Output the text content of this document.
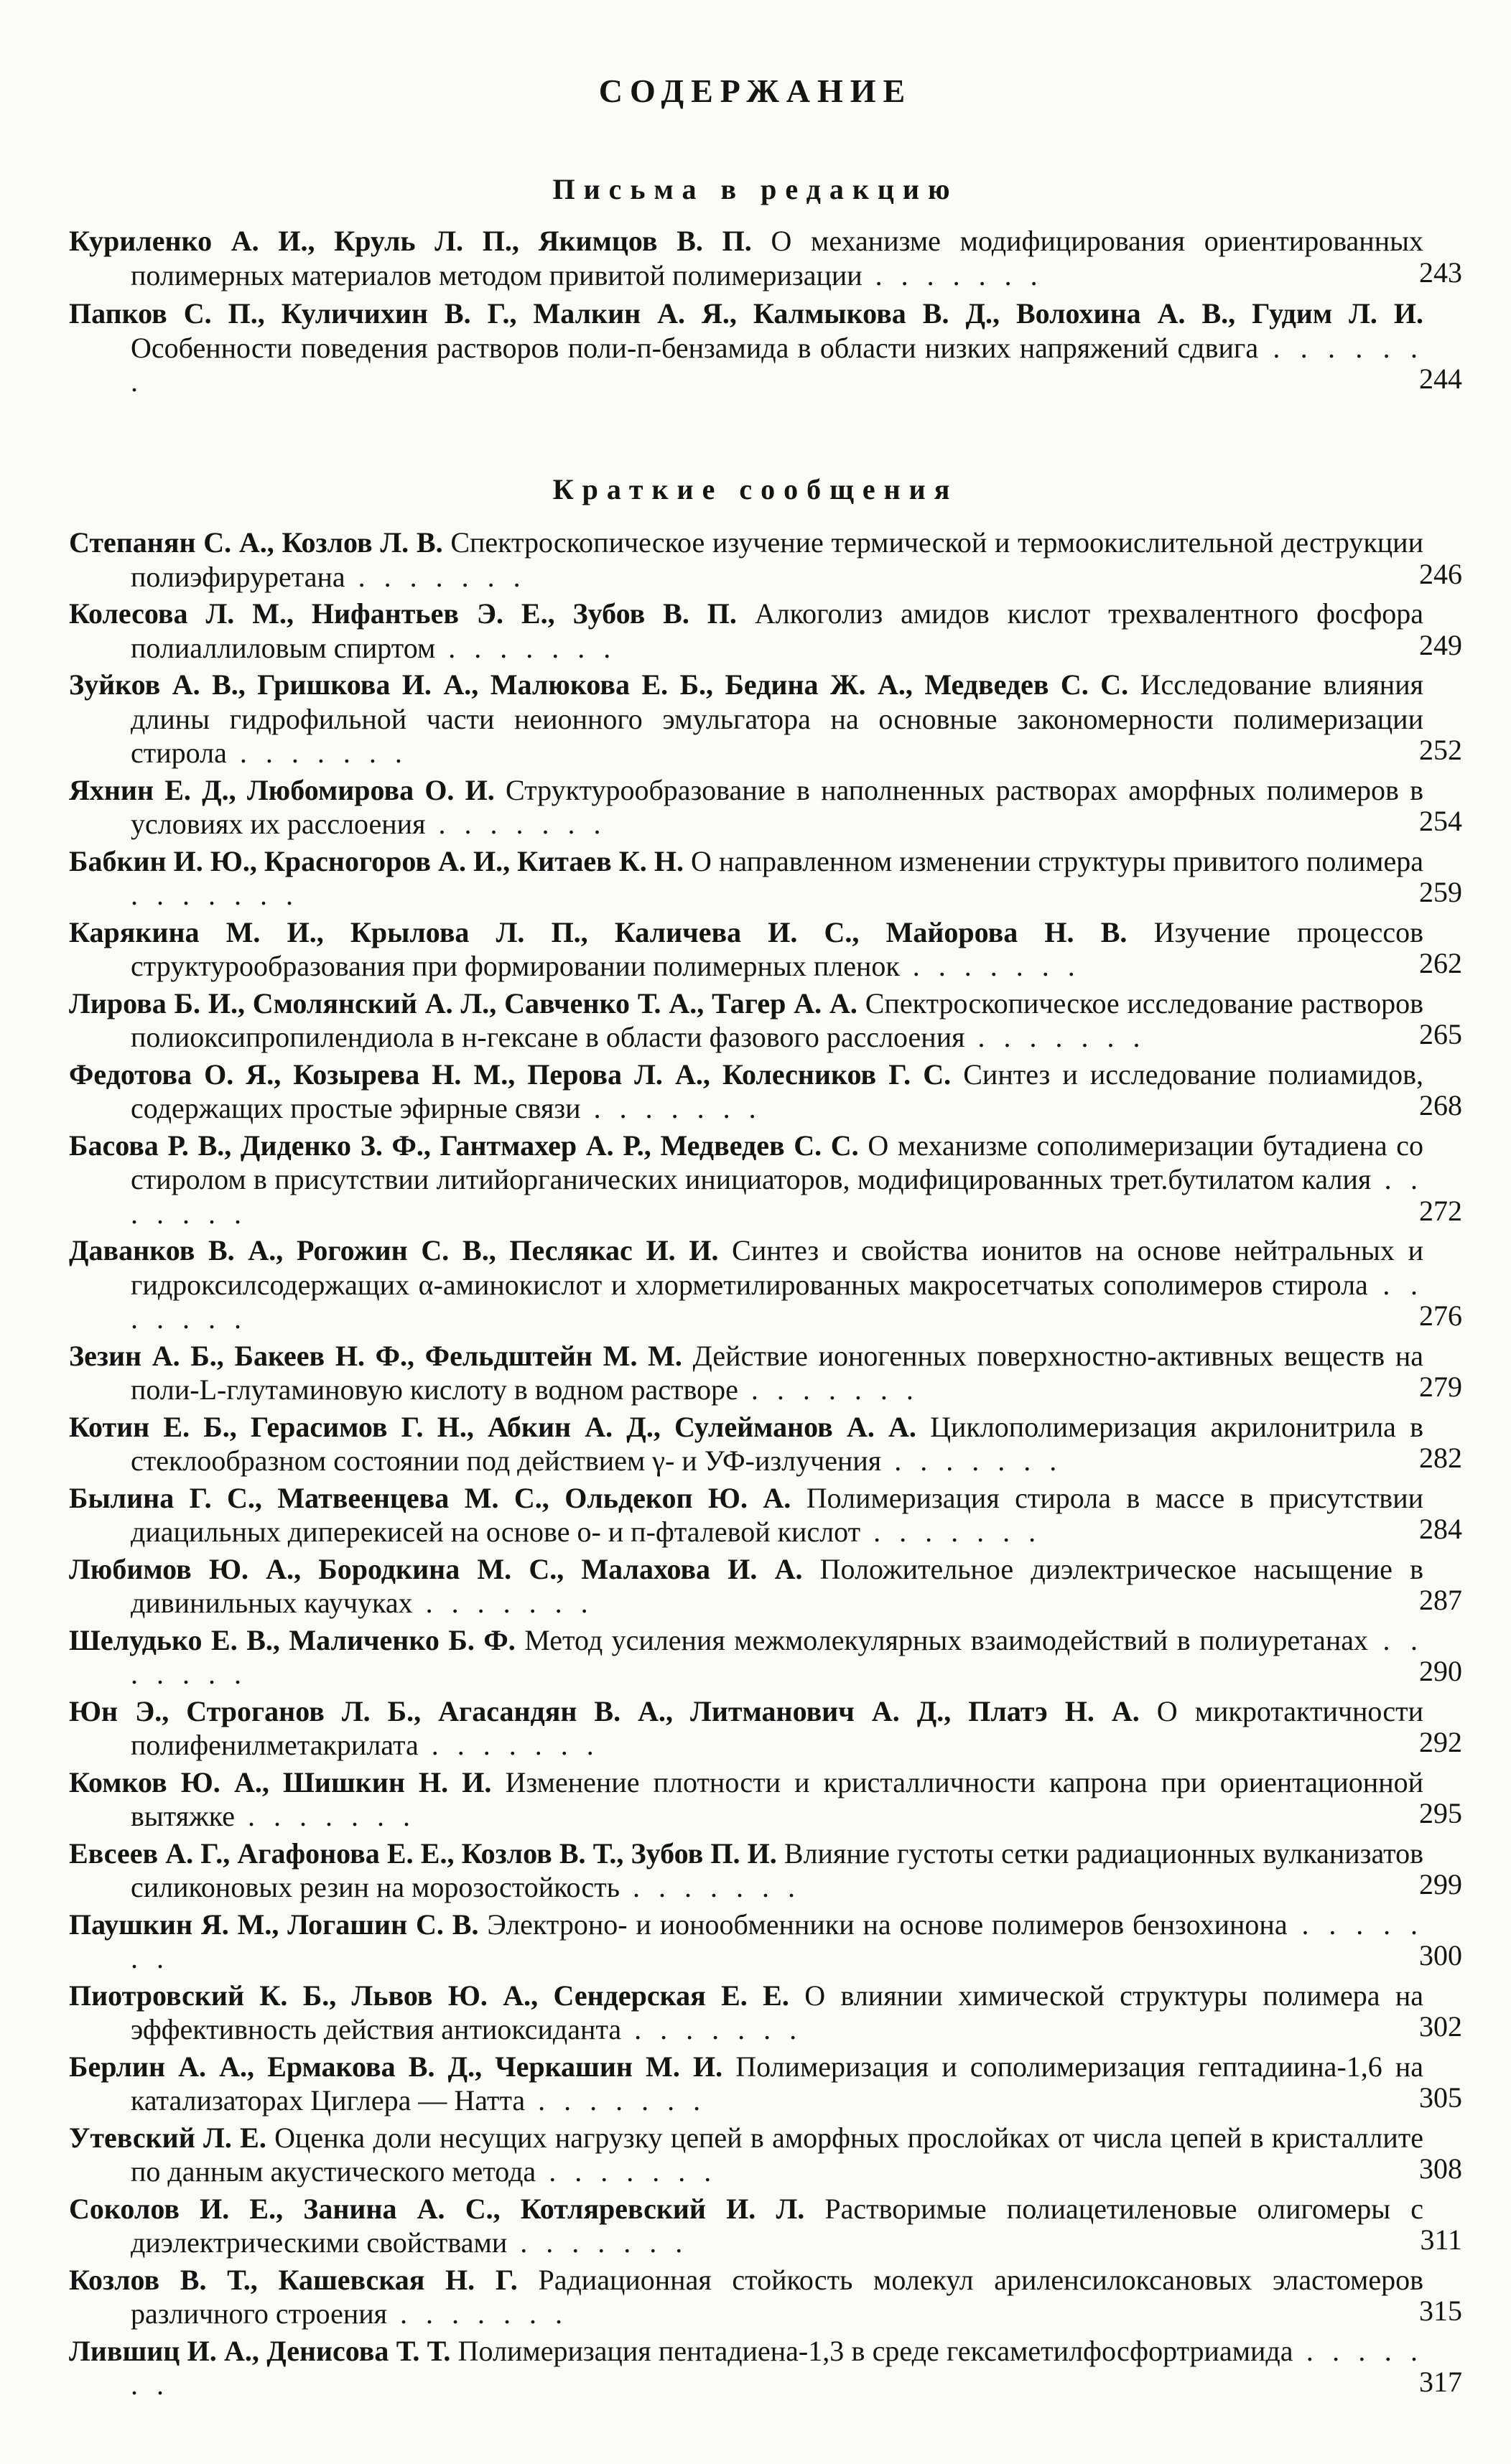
СОДЕРЖАНИЕ
Письма в редакцию
Куриленко А. И., Круль Л. П., Якимцов В. П. О механизме модифицирования ориентированных полимерных материалов методом привитой полимеризации . . . . . . .	243
Папков С. П., Куличихин В. Г., Малкин А. Я., Калмыкова В. Д., Волохина А. В., Гудим Л. И. Особенности поведения растворов поли-п-бензамида в области низких напряжений сдвига . . . . . . .	244
Краткие сообщения
Степанян С. А., Козлов Л. В. Спектроскопическое изучение термической и термоокислительной деструкции полиэфируретана . . . . . . .	246
Колесова Л. М., Нифантьев Э. Е., Зубов В. П. Алкоголиз амидов кислот трехвалентного фосфора полиаллиловым спиртом . . . . . . .	249
Зуйков А. В., Гришкова И. А., Малюкова Е. Б., Бедина Ж. А., Медведев С. С. Исследование влияния длины гидрофильной части неионного эмульгатора на основные закономерности полимеризации стирола . . . . . . .	252
Яхнин Е. Д., Любомирова О. И. Структурообразование в наполненных растворах аморфных полимеров в условиях их расслоения . . . . . . .	254
Бабкин И. Ю., Красногоров А. И., Китаев К. Н. О направленном изменении структуры привитого полимера . . . . . . .	259
Карякина М. И., Крылова Л. П., Каличева И. С., Майорова Н. В. Изучение процессов структурообразования при формировании полимерных пленок . . . . . . .	262
Лирова Б. И., Смолянский А. Л., Савченко Т. А., Тагер А. А. Спектроскопическое исследование растворов полиоксипропилендиола в н-гексане в области фазового расслоения . . . . . . .	265
Федотова О. Я., Козырева Н. М., Перова Л. А., Колесников Г. С. Синтез и исследование полиамидов, содержащих простые эфирные связи . . . . . . .	268
Басова Р. В., Диденко З. Ф., Гантмахер А. Р., Медведев С. С. О механизме сополимеризации бутадиена со стиролом в присутствии литийорганических инициаторов, модифицированных трет.бутилатом калия . . . . . . .	272
Даванков В. А., Рогожин С. В., Песлякас И. И. Синтез и свойства ионитов на основе нейтральных и гидроксилсодержащих α-аминокислот и хлорметилированных макросетчатых сополимеров стирола . . . . . . .	276
Зезин А. Б., Бакеев Н. Ф., Фельдштейн М. М. Действие ионогенных поверхностно-активных веществ на поли-L-глутаминовую кислоту в водном растворе . . . . . . .	279
Котин Е. Б., Герасимов Г. Н., Абкин А. Д., Сулейманов А. А. Циклополимеризация акрилонитрила в стеклообразном состоянии под действием γ- и УФ-излучения . . . . . . .	282
Былина Г. С., Матвеенцева М. С., Ольдекоп Ю. А. Полимеризация стирола в массе в присутствии диацильных диперекисей на основе о- и п-фталевой кислот . . . . . . .	284
Любимов Ю. А., Бородкина М. С., Малахова И. А. Положительное диэлектрическое насыщение в дивинильных каучуках . . . . . . .	287
Шелудько Е. В., Маличенко Б. Ф. Метод усиления межмолекулярных взаимодействий в полиуретанах . . . . . . .	290
Юн Э., Строганов Л. Б., Агасандян В. А., Литманович А. Д., Платэ Н. А. О микротактичности полифенилметакрилата . . . . . . .	292
Комков Ю. А., Шишкин Н. И. Изменение плотности и кристалличности капрона при ориентационной вытяжке . . . . . . .	295
Евсеев А. Г., Агафонова Е. Е., Козлов В. Т., Зубов П. И. Влияние густоты сетки радиационных вулканизатов силиконовых резин на морозостойкость . . . . . . .	299
Паушкин Я. М., Логашин С. В. Электроно- и ионообменники на основе полимеров бензохинона . . . . . . .	300
Пиотровский К. Б., Львов Ю. А., Сендерская Е. Е. О влиянии химической структуры полимера на эффективность действия антиоксиданта . . . . . . .	302
Берлин А. А., Ермакова В. Д., Черкашин М. И. Полимеризация и сополимеризация гептадиина-1,6 на катализаторах Циглера — Натта . . . . . . .	305
Утевский Л. Е. Оценка доли несущих нагрузку цепей в аморфных прослойках от числа цепей в кристаллите по данным акустического метода . . . . . . .	308
Соколов И. Е., Занина А. С., Котляревский И. Л. Растворимые полиацетиленовые олигомеры с диэлектрическими свойствами . . . . . . .	311
Козлов В. Т., Кашевская Н. Г. Радиационная стойкость молекул ариленсилоксановых эластомеров различного строения . . . . . . .	315
Лившиц И. А., Денисова Т. Т. Полимеризация пентадиена-1,3 в среде гексаметилфосфортриамида . . . . . . .	317
